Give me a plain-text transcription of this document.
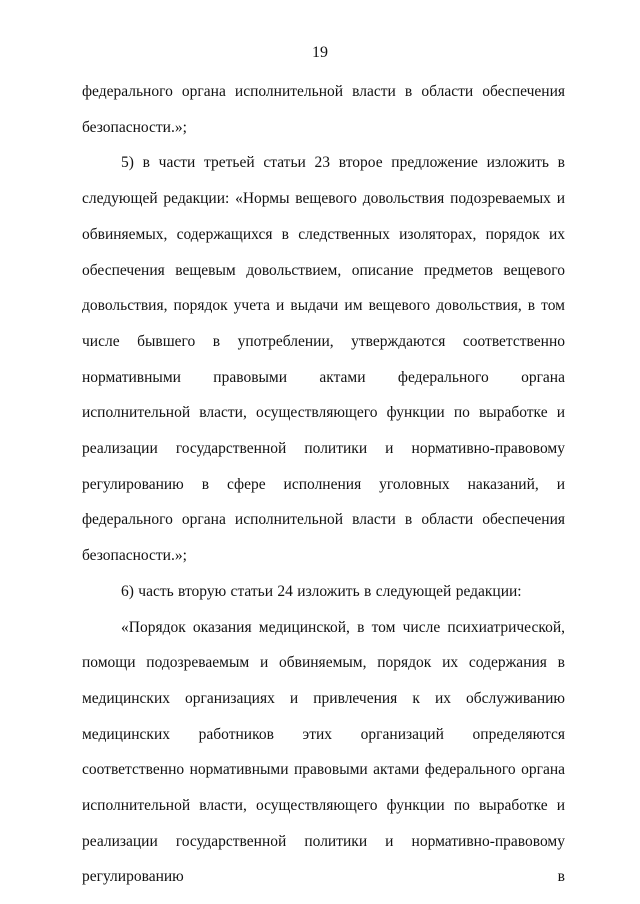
19

федерального органа исполнительной власти в области обеспечения безопасности.»;

5) в части третьей статьи 23 второе предложение изложить в следующей редакции: «Нормы вещевого довольствия подозреваемых и обвиняемых, содержащихся в следственных изоляторах, порядок их обеспечения вещевым довольствием, описание предметов вещевого довольствия, порядок учета и выдачи им вещевого довольствия, в том числе бывшего в употреблении, утверждаются соответственно нормативными правовыми актами федерального органа исполнительной власти, осуществляющего функции по выработке и реализации государственной политики и нормативно-правовому регулированию в сфере исполнения уголовных наказаний, и федерального органа исполнительной власти в области обеспечения безопасности.»;

6) часть вторую статьи 24 изложить в следующей редакции:

«Порядок оказания медицинской, в том числе психиатрической, помощи подозреваемым и обвиняемым, порядок их содержания в медицинских организациях и привлечения к их обслуживанию медицинских работников этих организаций определяются соответственно нормативными правовыми актами федерального органа исполнительной власти, осуществляющего функции по выработке и реализации государственной политики и нормативно-правовому регулированию в
